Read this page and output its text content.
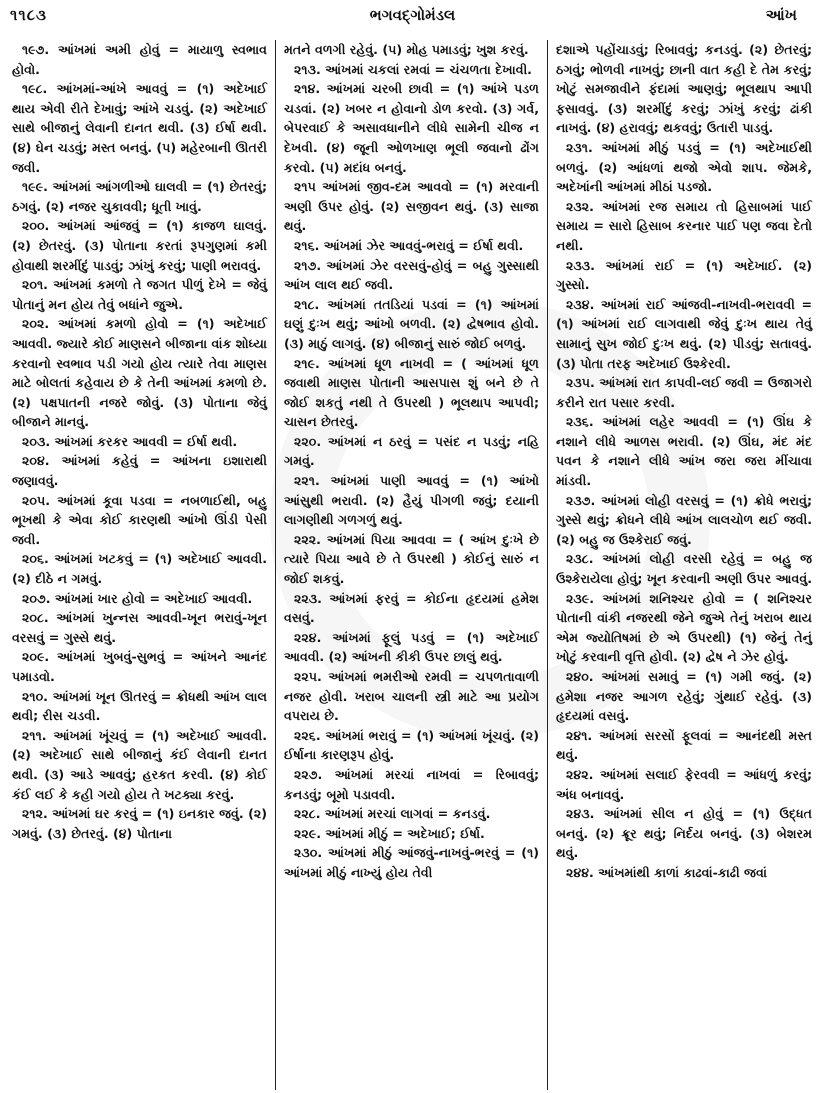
૧૧૮૩	ભગવદ્ગોમંડલ	આંખ

૧૯૭. આંખમાં અમી હોવું = માયાળુ સ્વભાવ હોવો.

૧૯૮. આંખમાં-આંખે આવવું = (૧) અદેખાઈ થાય એવી રીતે દેખાવું; આંખે ચડવું. (૨) અદેખાઈ સાથે બીજાનું લેવાની દાનત થવી. (૩) ઈર્ષા થવી. (૪) ઘેન ચડવું; મસ્ત બનવું. (૫) મહેરબાની ઊતરી જવી.

૧૯૯. આંખમાં આંગળીઓ ઘાલવી = (૧) છેતરવું; ઠગવું. (૨) નજર ચુકાવવી; ધૂતી ખાવું.

૨૦૦. આંખમાં આંજવું = (૧) કાજળ ઘાલવું. (૨) છેતરવું. (૩) પોતાના કરતાં રૂપગુણમાં કમી હોવાથી શરમીંદું પાડવું; ઝાંખું કરવું; પાણી ભરાવવું.

૨૦૧. આંખમાં કમળો તે જગત પીળું દેખે = જેવું પોતાનું મન હોય તેવું બધાંને જુએ.

૨૦૨. આંખમાં કમળો હોવો = (૧) અદેખાઈ આવવી. જ્યારે કોઈ માણસને બીજાના વાંક શોધ્યા કરવાનો સ્વભાવ પડી ગયો હોય ત્યારે તેવા માણસ માટે બોલતાં કહેવાય છે કે તેની આંખમાં કમળો છે. (૨) પક્ષપાતની નજરે જોવું. (૩) પોતાના જેવું બીજાને માનવું.

૨૦૩. આંખમાં કરકર આવવી = ઈર્ષા થવી.

૨૦૪. આંખમાં કહેવું = આંખના ઇશારાથી જણાવવું.

૨૦૫. આંખમાં કૂવા પડવા = નબળાઈથી, બહુ ભૂખથી કે એવા કોઈ કારણથી આંખો ઊંડી પેસી જવી.

૨૦૬. આંખમાં ખટકવું = (૧) અદેખાઈ આવવી. (૨) દીઠે ન ગમવું.

૨૦૭. આંખમાં ખાર હોવો = અદેખાઈ આવવી.

૨૦૮. આંખમાં ખુન્નસ આવવી-ખૂન ભરાવું-ખૂન વરસવું = ગુસ્સે થવું.

૨૦૯. આંખમાં ખુબવું-સુભવું = આંખને આનંદ પમાડવો.

૨૧૦. આંખમાં ખૂન ઊતરવું = ક્રોધથી આંખ લાલ થવી; રીસ ચડવી.

૨૧૧. આંખમાં ખૂંચવું = (૧) અદેખાઈ આવવી. (૨) અદેખાઈ સાથે બીજાનું કંઈ લેવાની દાનત થવી. (૩) આડે આવવું; હરકત કરવી. (૪) કોઈ કંઈ લઈ કે કહી ગયો હોય તે ખટક્યા કરવું.

૨૧૨. આંખમાં ઘર કરવું = (૧) ઇનકાર જવું. (૨) ગમવું. (૩) છેતરવું. (૪) પોતાના

મતને વળગી રહેવું. (૫) મોહ પમાડવું; ખુશ કરવું.

૨૧૩. આંખમાં ચકલાં રમવાં = ચંચળતા દેખાવી.

૨૧૪. આંખમાં ચરબી છાવી = (૧) આંખે પડળ ચડવાં. (૨) ખબર ન હોવાનો ડોળ કરવો. (૩) ગર્વ, બેપરવાઈ કે અસાવધાનીને લીધે સામેની ચીજ ન દેખવી. (૪) જૂની ઓળખાણ ભૂલી જવાનો ઢોંગ કરવો. (૫) મદાંધ બનવું.

૨૧૫ આંખમાં જીવ-દમ આવવો = (૧) મરવાની અણી ઉપર હોવું. (૨) સજીવન થવું. (૩) સાજા થવું.

૨૧૬. આંખમાં ઝેર આવવું-ભરાવું = ઈર્ષા થવી.

૨૧૭. આંખમાં ઝેર વરસવું-હોવું = બહુ ગુસ્સાથી આંખ લાલ થઈ જવી.

૨૧૮. આંખમાં તતડિયાં પડવાં = (૧) આંખમાં ઘણું દુઃખ થવું; આંખો બળવી. (૨) દ્વેષભાવ હોવો. (૩) માઠું લાગવું. (૪) બીજાનું સારું જોઈ બળવું.

૨૧૯. આંખમાં ધૂળ નાખવી = ( આંખમાં ધૂળ જવાથી માણસ પોતાની આસપાસ શું બને છે તે જોઈ શકતું નથી તે ઉપરથી ) ભૂલથાપ આપવી; ચાસન છેતરવું.

૨૨૦. આંખમાં ન ઠરવું = પસંદ ન પડવું; નહિ ગમવું.

૨૨૧. આંખમાં પાણી આવવું = (૧) આંખો આંસુથી ભરાવી. (૨) હૈયું પીગળી જવું; દયાની લાગણીથી ગળગળું થવું.

૨૨૨. આંખમાં પિયા આવવા = ( આંખ દુઃખે છે ત્યારે પિયા આવે છે તે ઉપરથી ) કોઈનું સારું ન જોઈ શકવું.

૨૨૩. આંખમાં ફરવું = કોઈના હૃદયમાં હમેશ વસવું.

૨૨૪. આંખમાં ફૂલું પડવું = (૧) અદેખાઈ આવવી. (૨) આંખની કીકી ઉપર છાલું થવું.

૨૨૫. આંખમાં ભમરીઓ રમવી = ચપળતાવાળી નજર હોવી. ખરાબ ચાલની સ્ત્રી માટે આ પ્રયોગ વપરાય છે.

૨૨૬. આંખમાં ભરાવું = (૧) આંખમાં ખૂંચવું. (૨) ઈર્ષાના કારણરૂપ હોવું.

૨૨૭. આંખમાં મરચાં નાખવાં = રિબાવવું; કનડવું; બૂમો પડાવવી.

૨૨૮. આંખમાં મરચાં લાગવાં = કનડવું.

૨૨૯. આંખમાં મીઠું = અદેખાઈ; ઈર્ષા.

૨૩૦. આંખમાં મીઠું આંજવું-નાખવું-ભરવું = (૧) આંખમાં મીઠું નાખ્યું હોય તેવી

દશાએ પહોંચાડવું; રિબાવવું; કનડવું. (૨) છેતરવું; ઠગવું; ભોળવી નાખવું; છાની વાત કહી દે તેમ કરવું; ખોટું સમજાવીને ફંદામાં આણવું; ભૂલથાપ આપી ફસાવવું. (૩) શરમીંદું કરવું; ઝાંખું કરવું; ઢાંકી નાખવું. (૪) હરાવવું; થકવવું; ઉતારી પાડવું.

૨૩૧. આંખમાં મીઠું પડવું = (૧) અદેખાઈથી બળવું. (૨) આંધળાં થજો એવો શાપ. જેમકે, અદેખાંની આંખમાં મીઠાં પડજો.

૨૩૨. આંખમાં રજ સમાય તો હિસાબમાં પાઈ સમાય = સારો હિસાબ કરનાર પાઈ પણ જવા દેતો નથી.

૨૩૩. આંખમાં રાઈ = (૧) અદેખાઈ. (૨) ગુસ્સો.

૨૩૪. આંખમાં રાઈ આંજવી-નાખવી-ભરાવવી = (૧) આંખમાં રાઈ લાગવાથી જેવું દુઃખ થાય તેવું સામાનું સુખ જોઈ દુઃખ થવું. (૨) પીડવું; સતાવવું. (૩) પોતા તરફ અદેખાઈ ઉશ્કેરવી.

૨૩૫. આંખમાં રાત કાપવી-લઈ જવી = ઉજાગરો કરીને રાત પસાર કરવી.

૨૩૬. આંખમાં લહેર આવવી = (૧) ઊંઘ કે નશાને લીધે આળસ ભરાવી. (૨) ઊંઘ, મંદ મંદ પવન કે નશાને લીધે આંખ જરા જરા મીંચાવા માંડવી.

૨૩૭. આંખમાં લોહી વરસવું = (૧) ક્રોધે ભરાવું; ગુસ્સે થવું; ક્રોધને લીધે આંખ લાલચોળ થઈ જવી. (૨) બહુ જ ઉશ્કેરાઈ જવું.

૨૩૮. આંખમાં લોહી વરસી રહેવું = બહુ જ ઉશ્કેરાયેલા હોવું; ખૂન કરવાની અણી ઉપર આવવું.

૨૩૯. આંખમાં શનિશ્ચર હોવો = ( શનિશ્ચર પોતાની વાંકી નજરથી જેને જુએ તેનું ખરાબ થાય એમ જ્યોતિષમાં છે એ ઉપરથી) (૧) જેનું તેનું ખોટું કરવાની વૃત્તિ હોવી. (૨) દ્વેષ ને ઝેર હોવું.

૨૪૦. આંખમાં સમાવું = (૧) ગમી જવું. (૨) હમેશા નજર આગળ રહેવું; ગુંથાઈ રહેવું. (૩) હૃદયમાં વસવું.

૨૪૧. આંખમાં સરસોં ફૂલવાં = આનંદથી મસ્ત થવું.

૨૪૨. આંખમાં સલાઈ ફેરવવી = આંધળું કરવું; અંધ બનાવવું.

૨૪૩. આંખમાં સીલ ન હોવું = (૧) ઉદ્ધત બનવું. (૨) ક્રૂર થવું; નિર્દય બનવું. (૩) બેશરમ થવું.

૨૪૪. આંખમાંથી કાળાં કાઢવાં-કાઢી જવાં
